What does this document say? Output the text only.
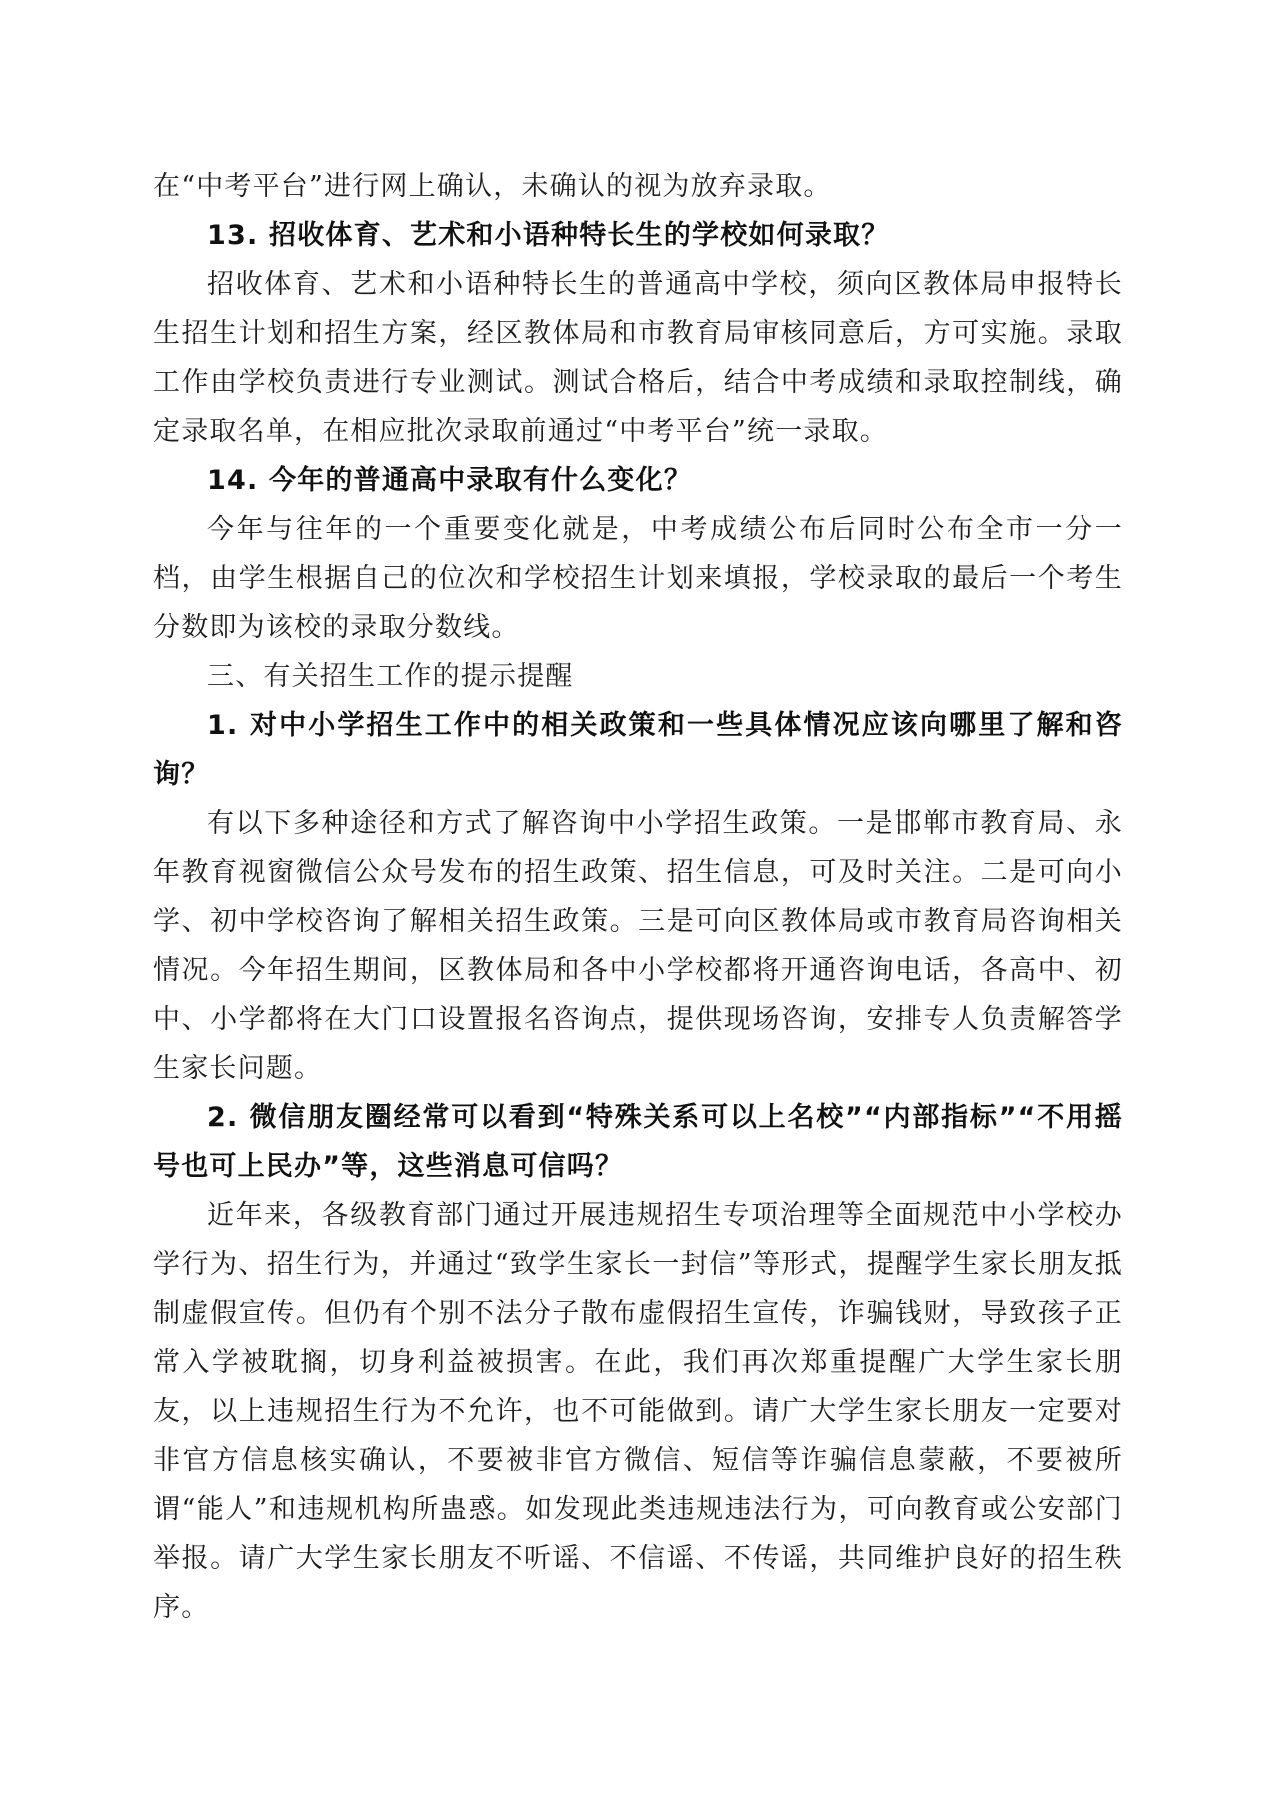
在“中考平台”进行网上确认，未确认的视为放弃录取。

13. 招收体育、艺术和小语种特长生的学校如何录取？

招收体育、艺术和小语种特长生的普通高中学校，须向区教体局申报特长生招生计划和招生方案，经区教体局和市教育局审核同意后，方可实施。录取工作由学校负责进行专业测试。测试合格后，结合中考成绩和录取控制线，确定录取名单，在相应批次录取前通过“中考平台”统一录取。

14. 今年的普通高中录取有什么变化？

今年与往年的一个重要变化就是，中考成绩公布后同时公布全市一分一档，由学生根据自己的位次和学校招生计划来填报，学校录取的最后一个考生分数即为该校的录取分数线。

三、有关招生工作的提示提醒

1. 对中小学招生工作中的相关政策和一些具体情况应该向哪里了解和咨询？

有以下多种途径和方式了解咨询中小学招生政策。一是邯郸市教育局、永年教育视窗微信公众号发布的招生政策、招生信息，可及时关注。二是可向小学、初中学校咨询了解相关招生政策。三是可向区教体局或市教育局咨询相关情况。今年招生期间，区教体局和各中小学校都将开通咨询电话，各高中、初中、小学都将在大门口设置报名咨询点，提供现场咨询，安排专人负责解答学生家长问题。

2. 微信朋友圈经常可以看到“特殊关系可以上名校”“内部指标”“不用摇号也可上民办”等，这些消息可信吗？

近年来，各级教育部门通过开展违规招生专项治理等全面规范中小学校办学行为、招生行为，并通过“致学生家长一封信”等形式，提醒学生家长朋友抵制虚假宣传。但仍有个别不法分子散布虚假招生宣传，诈骗钱财，导致孩子正常入学被耽搁，切身利益被损害。在此，我们再次郑重提醒广大学生家长朋友，以上违规招生行为不允许，也不可能做到。请广大学生家长朋友一定要对非官方信息核实确认，不要被非官方微信、短信等诈骗信息蒙蔽，不要被所谓“能人”和违规机构所蛊惑。如发现此类违规违法行为，可向教育或公安部门举报。请广大学生家长朋友不听谣、不信谣、不传谣，共同维护良好的招生秩序。
